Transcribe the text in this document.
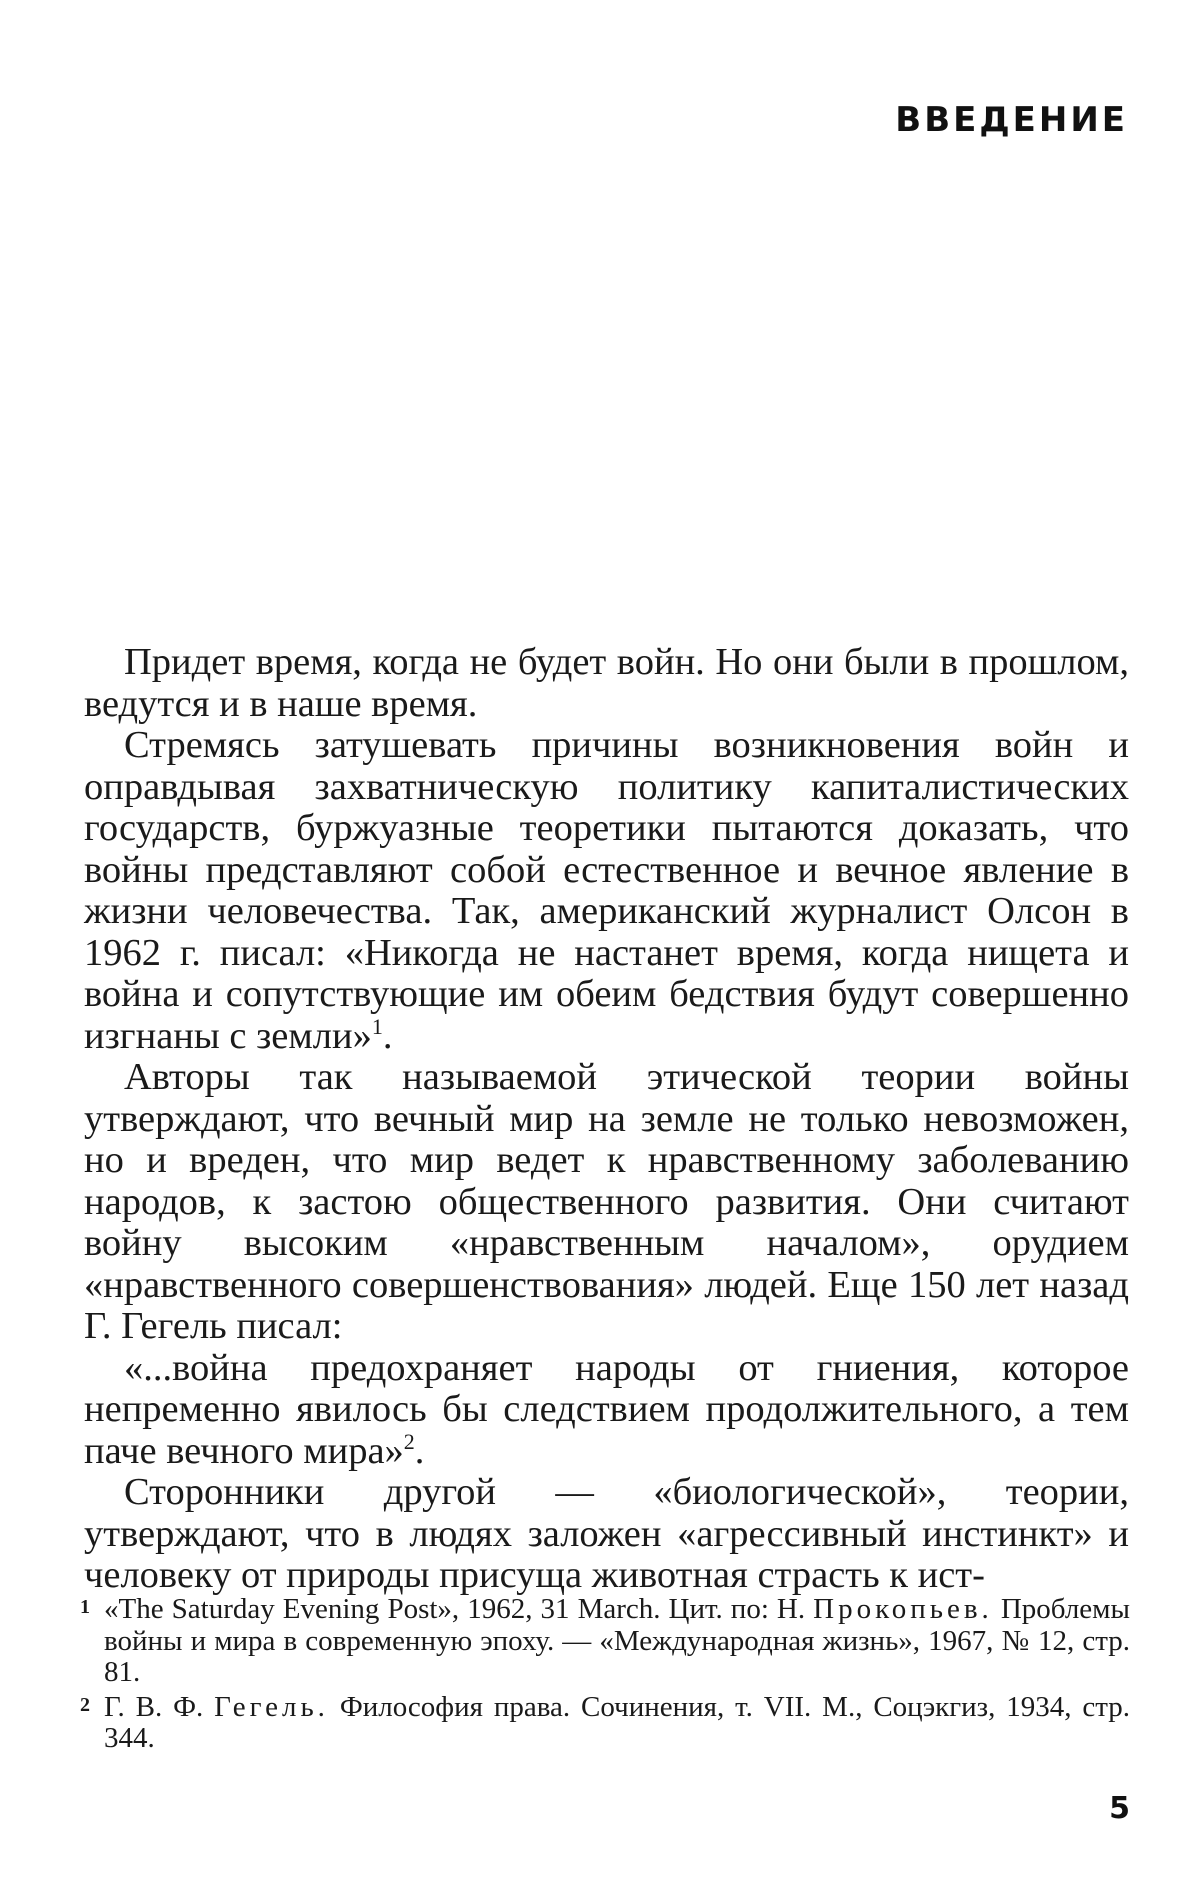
ВВЕДЕНИЕ

Придет время, когда не будет войн. Но они были в прошлом, ведутся и в наше время.

Стремясь затушевать причины возникновения войн и оправдывая захватническую политику капиталистических государств, буржуазные теоретики пытаются доказать, что войны представляют собой естественное и вечное явление в жизни человечества. Так, американский журналист Олсон в 1962 г. писал: «Никогда не настанет время, когда нищета и война и сопутствующие им обеим бедствия будут совершенно изгнаны с земли»$^1$.

Авторы так называемой этической теории войны утверждают, что вечный мир на земле не только невозможен, но и вреден, что мир ведет к нравственному заболеванию народов, к застою общественного развития. Они считают войну высоким «нравственным началом», орудием «нравственного совершенствования» людей. Еще 150 лет назад Г. Гегель писал:

«...война предохраняет народы от гниения, которое непременно явилось бы следствием продолжительного, а тем паче вечного мира»$^2$.

Сторонники другой — «биологической», теории, утверждают, что в людях заложен «агрессивный инстинкт» и человеку от природы присуща животная страсть к ист-

1 «The Saturday Evening Post», 1962, 31 March. Цит. по: Н. Прокопьев. Проблемы войны и мира в современную эпоху. — «Международная жизнь», 1967, № 12, стр. 81.

2 Г. В. Ф. Гегель. Философия права. Сочинения, т. VII. М., Соцэкгиз, 1934, стр. 344.

5
